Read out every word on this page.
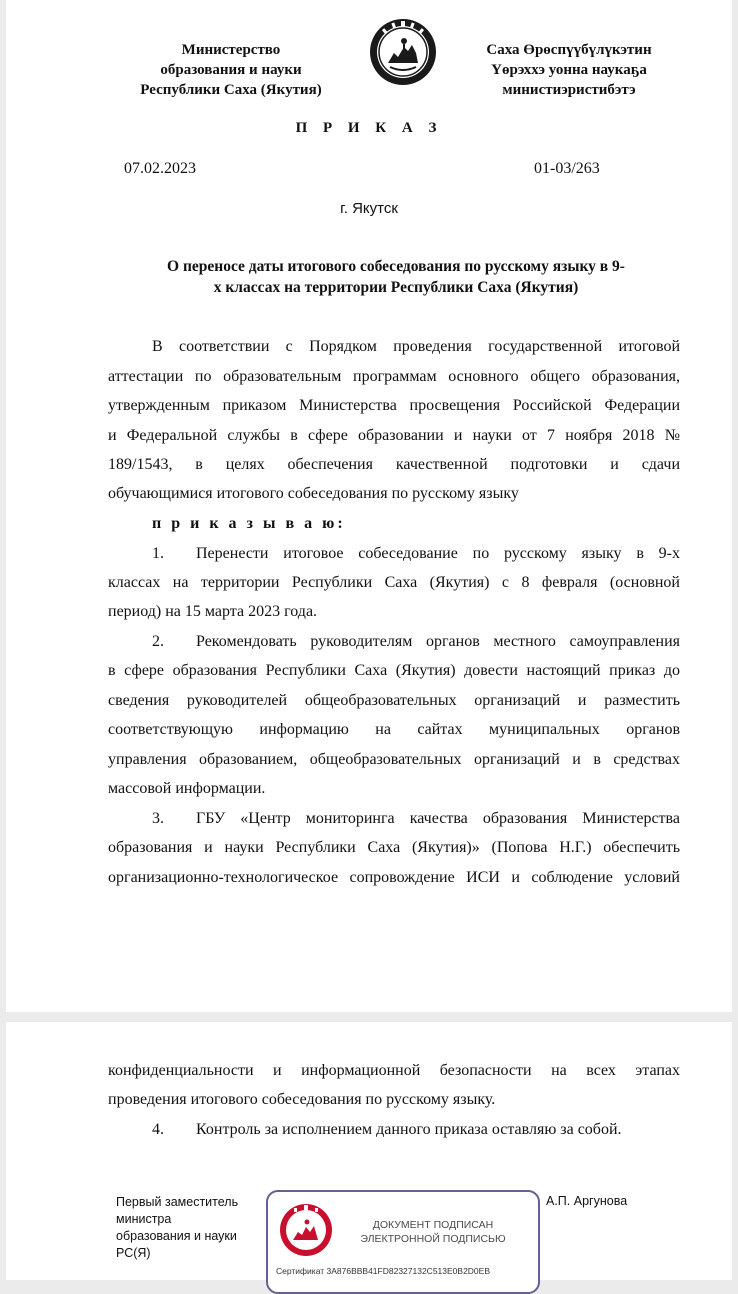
Министерство
образования и науки
Республики Саха (Якутия)
Саха Өрөспүүбүлүкэтин
Үөрэххэ уонна наукаҕа
министиэристибэтэ
П Р И К А З
07.02.2023	01-03/263
г. Якутск
О переносе даты итогового собеседования по русскому языку в 9-
х классах на территории Республики Саха (Якутия)
В соответствии с Порядком проведения государственной итоговой
аттестации по образовательным программам основного общего образования,
утвержденным приказом Министерства просвещения Российской Федерации
и Федеральной службы в сфере образовании и науки от 7 ноября 2018 №
189/1543, в целях обеспечения качественной подготовки и сдачи
обучающимися итогового собеседования по русскому языку
п р и к а з ы в а ю:
1. Перенести итоговое собеседование по русскому языку в 9-х
классах на территории Республики Саха (Якутия) с 8 февраля (основной
период) на 15 марта 2023 года.
2. Рекомендовать руководителям органов местного самоуправления
в сфере образования Республики Саха (Якутия) довести настоящий приказ до
сведения руководителей общеобразовательных организаций и разместить
соответствующую информацию на сайтах муниципальных органов
управления образованием, общеобразовательных организаций и в средствах
массовой информации.
3. ГБУ «Центр мониторинга качества образования Министерства
образования и науки Республики Саха (Якутия)» (Попова Н.Г.) обеспечить
организационно-технологическое сопровождение ИСИ и соблюдение условий
конфиденциальности и информационной безопасности на всех этапах
проведения итогового собеседования по русскому языку.
4. Контроль за исполнением данного приказа оставляю за собой.
Первый заместитель
министра
образования и науки
РС(Я)
ДОКУМЕНТ ПОДПИСАН
ЭЛЕКТРОННОЙ ПОДПИСЬЮ
Сертификат 3A876BBB41FD82327132C513E0B2D0EB
А.П. Аргунова
